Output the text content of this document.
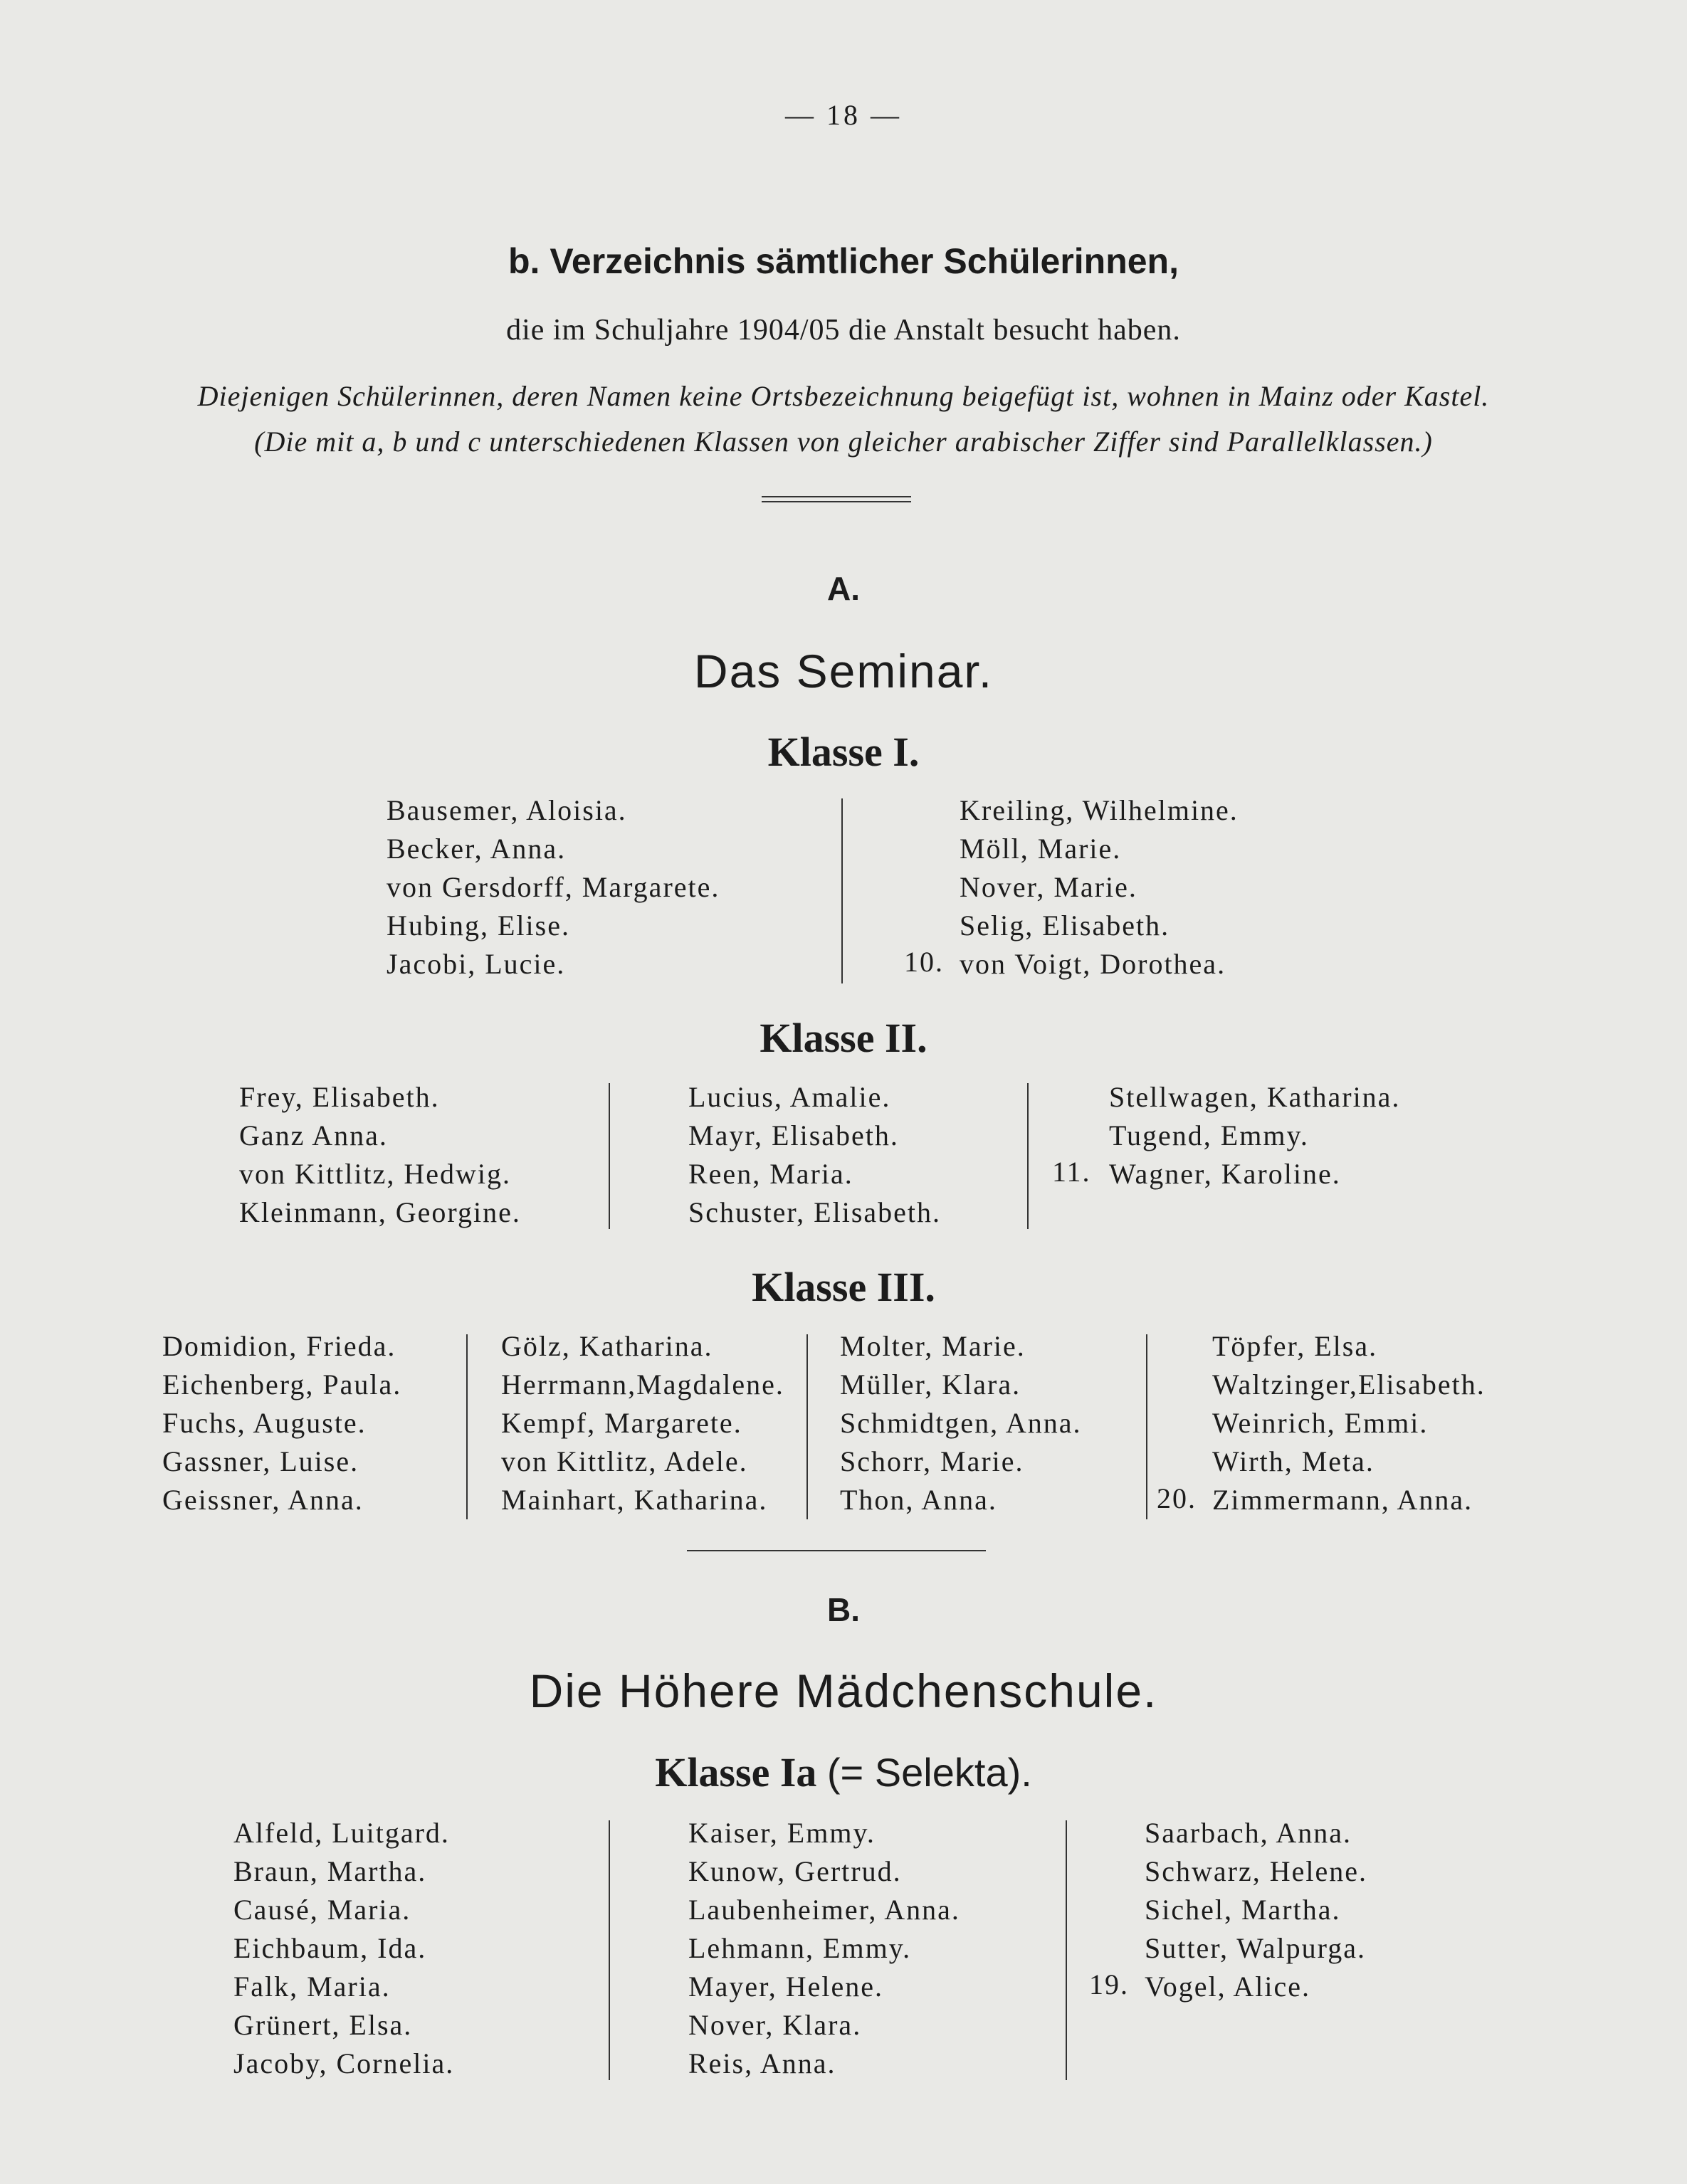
— 18 —
b. Verzeichnis sämtlicher Schülerinnen,
die im Schuljahre 1904/05 die Anstalt besucht haben.
Diejenigen Schülerinnen, deren Namen keine Ortsbezeichnung beigefügt ist, wohnen in Mainz oder Kastel.
(Die mit a, b und c unterschiedenen Klassen von gleicher arabischer Ziffer sind Parallelklassen.)
A.
Das Seminar.
Klasse I.
Bausemer, Aloisia.
Becker, Anna.
von Gersdorff, Margarete.
Hubing, Elise.
Jacobi, Lucie.
Kreiling, Wilhelmine.
Möll, Marie.
Nover, Marie.
Selig, Elisabeth.
von Voigt, Dorothea.
10.
Klasse II.
Frey, Elisabeth.
Ganz Anna.
von Kittlitz, Hedwig.
Kleinmann, Georgine.
Lucius, Amalie.
Mayr, Elisabeth.
Reen, Maria.
Schuster, Elisabeth.
Stellwagen, Katharina.
Tugend, Emmy.
Wagner, Karoline.
11.
Klasse III.
Domidion, Frieda.
Eichenberg, Paula.
Fuchs, Auguste.
Gassner, Luise.
Geissner, Anna.
Gölz, Katharina.
Herrmann,Magdalene.
Kempf, Margarete.
von Kittlitz, Adele.
Mainhart, Katharina.
Molter, Marie.
Müller, Klara.
Schmidtgen, Anna.
Schorr, Marie.
Thon, Anna.
Töpfer, Elsa.
Waltzinger,Elisabeth.
Weinrich, Emmi.
Wirth, Meta.
Zimmermann, Anna.
20.
B.
Die Höhere Mädchenschule.
Klasse Ia (= Selekta).
Alfeld, Luitgard.
Braun, Martha.
Causé, Maria.
Eichbaum, Ida.
Falk, Maria.
Grünert, Elsa.
Jacoby, Cornelia.
Kaiser, Emmy.
Kunow, Gertrud.
Laubenheimer, Anna.
Lehmann, Emmy.
Mayer, Helene.
Nover, Klara.
Reis, Anna.
Saarbach, Anna.
Schwarz, Helene.
Sichel, Martha.
Sutter, Walpurga.
Vogel, Alice.
19.
